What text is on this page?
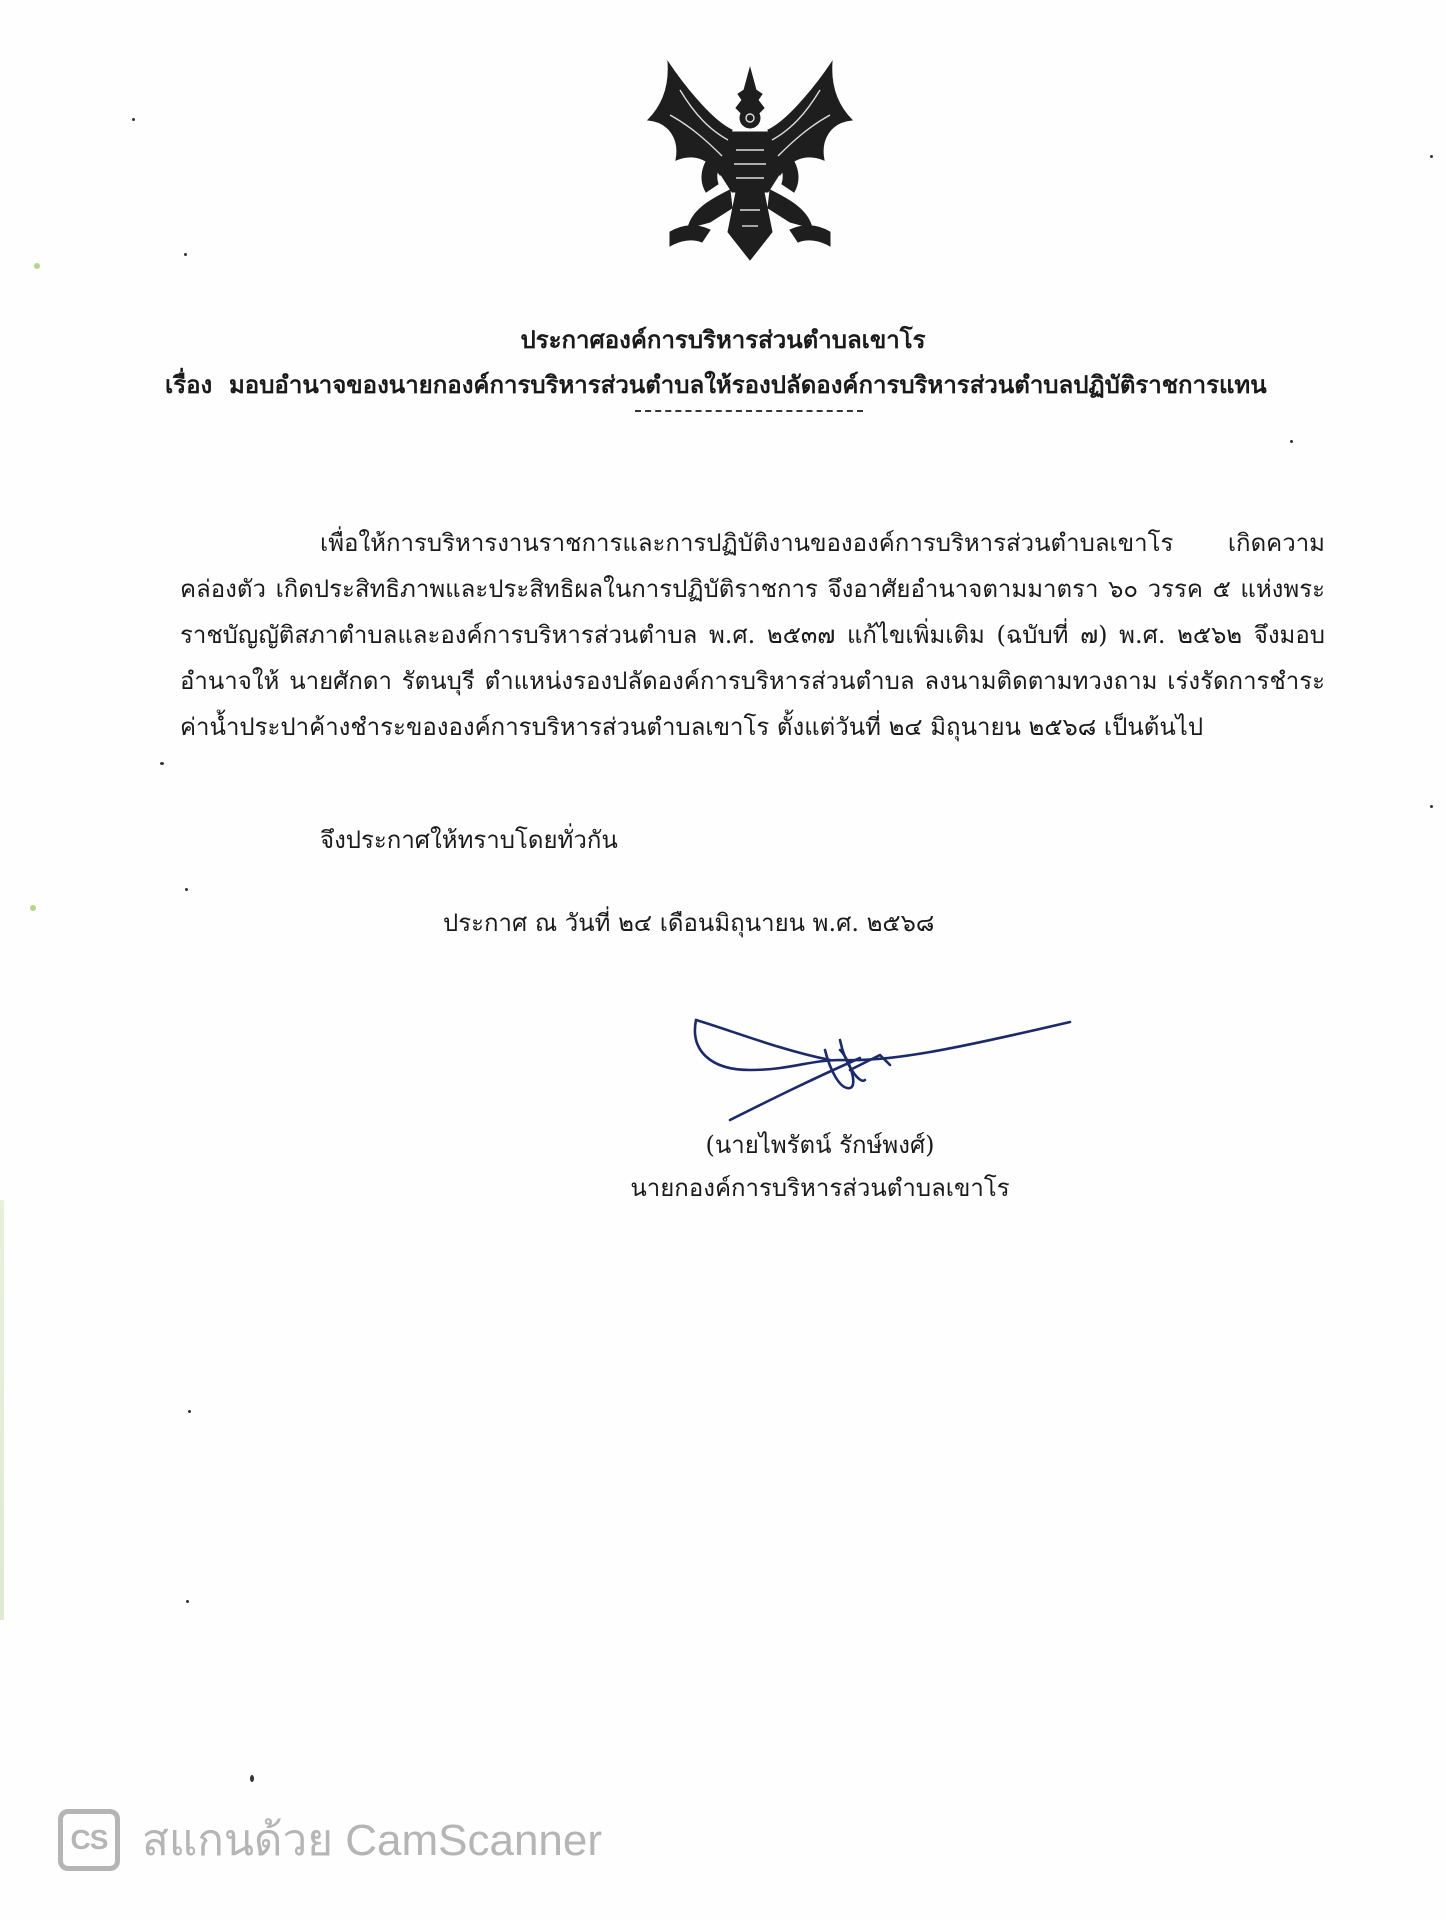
ประกาศองค์การบริหารส่วนตำบลเขาโร
เรื่อง มอบอำนาจของนายกองค์การบริหารส่วนตำบลให้รองปลัดองค์การบริหารส่วนตำบลปฏิบัติราชการแทน
เพื่อให้การบริหารงานราชการและการปฏิบัติงานขององค์การบริหารส่วนตำบลเขาโร เกิดความคล่องตัว เกิดประสิทธิภาพและประสิทธิผลในการปฏิบัติราชการ จึงอาศัยอำนาจตามมาตรา ๖๐ วรรค ๕ แห่งพระราชบัญญัติสภาตำบลและองค์การบริหารส่วนตำบล พ.ศ. ๒๕๓๗ แก้ไขเพิ่มเติม (ฉบับที่ ๗) พ.ศ. ๒๕๖๒ จึงมอบอำนาจให้ นายศักดา รัตนบุรี ตำแหน่งรองปลัดองค์การบริหารส่วนตำบล ลงนามติดตามทวงถาม เร่งรัดการชำระค่าน้ำประปาค้างชำระขององค์การบริหารส่วนตำบลเขาโร ตั้งแต่วันที่ ๒๔ มิถุนายน ๒๕๖๘ เป็นต้นไป
จึงประกาศให้ทราบโดยทั่วกัน
ประกาศ ณ วันที่ ๒๔ เดือนมิถุนายน พ.ศ. ๒๕๖๘
(นายไพรัตน์ รักษ์พงศ์)
นายกองค์การบริหารส่วนตำบลเขาโร
CS สแกนด้วย CamScanner
